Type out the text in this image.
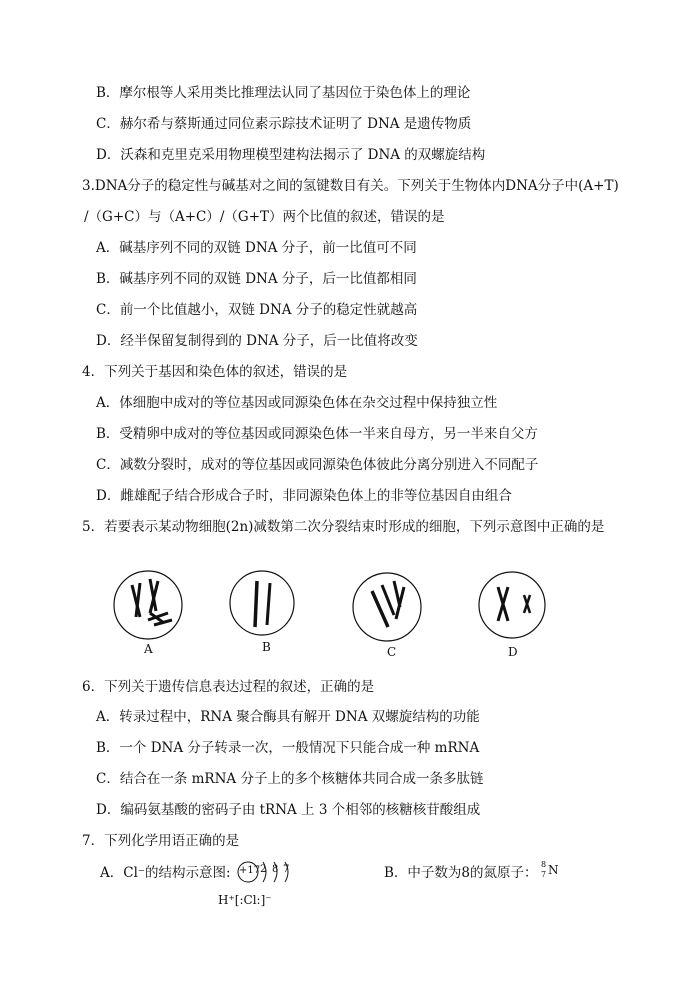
B．摩尔根等人采用类比推理法认同了基因位于染色体上的理论
C．赫尔希与蔡斯通过同位素示踪技术证明了 DNA 是遗传物质
D．沃森和克里克采用物理模型建构法揭示了 DNA 的双螺旋结构
3.DNA分子的稳定性与碱基对之间的氢键数目有关。下列关于生物体内DNA分子中(A+T)
/（G+C）与（A+C）/（G+T）两个比值的叙述，错误的是
A．碱基序列不同的双链 DNA 分子，前一比值可不同
B．碱基序列不同的双链 DNA 分子，后一比值都相同
C．前一个比值越小，双链 DNA 分子的稳定性就越高
D．经半保留复制得到的 DNA 分子，后一比值将改变
4．下列关于基因和染色体的叙述，错误的是
A．体细胞中成对的等位基因或同源染色体在杂交过程中保持独立性
B．受精卵中成对的等位基因或同源染色体一半来自母方，另一半来自父方
C．减数分裂时，成对的等位基因或同源染色体彼此分离分别进入不同配子
D．雌雄配子结合形成合子时，非同源染色体上的非等位基因自由组合
5．若要表示某动物细胞(2n)减数第二次分裂结束时形成的细胞，下列示意图中正确的是
A	B	C	D
6．下列关于遗传信息表达过程的叙述，正确的是
A．转录过程中，RNA 聚合酶具有解开 DNA 双螺旋结构的功能
B．一个 DNA 分子转录一次，一般情况下只能合成一种 mRNA
C．结合在一条 mRNA 分子上的多个核糖体共同合成一条多肽链
D．编码氨基酸的密码子由 tRNA 上 3 个相邻的核糖核苷酸组成
7．下列化学用语正确的是
A．Cl⁻的结构示意图: +17 2 8 7	B．中子数为8的氮原子：
8
7 N
H⁺[:Cl:]⁻
